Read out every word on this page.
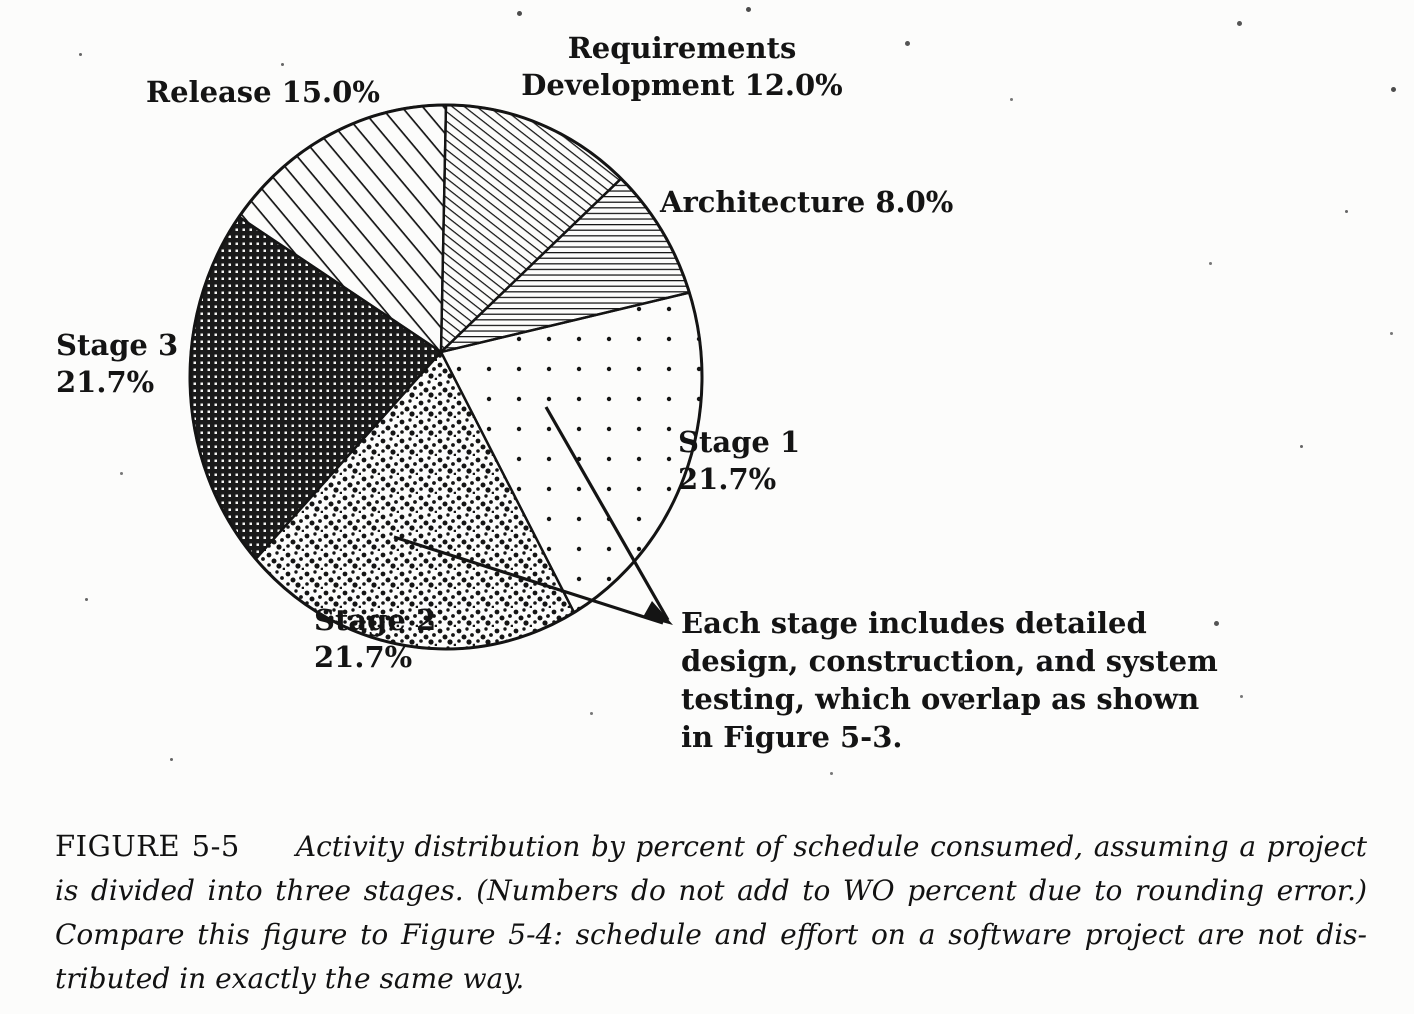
Requirements
Development 12.0%
Architecture 8.0%
Release 15.0%
Stage 3
21.7%
Stage 1
21.7%
Stage 2
21.7%
Each stage includes detailed
design, construction, and system
testing, which overlap as shown
in Figure 5-3.
FIGURE 5-5 Activity distribution by percent of schedule consumed, assuming a project
is divided into three stages. (Numbers do not add to WO percent due to rounding error.)
Compare this figure to Figure 5-4: schedule and effort on a software project are not dis-
tributed in exactly the same way.
